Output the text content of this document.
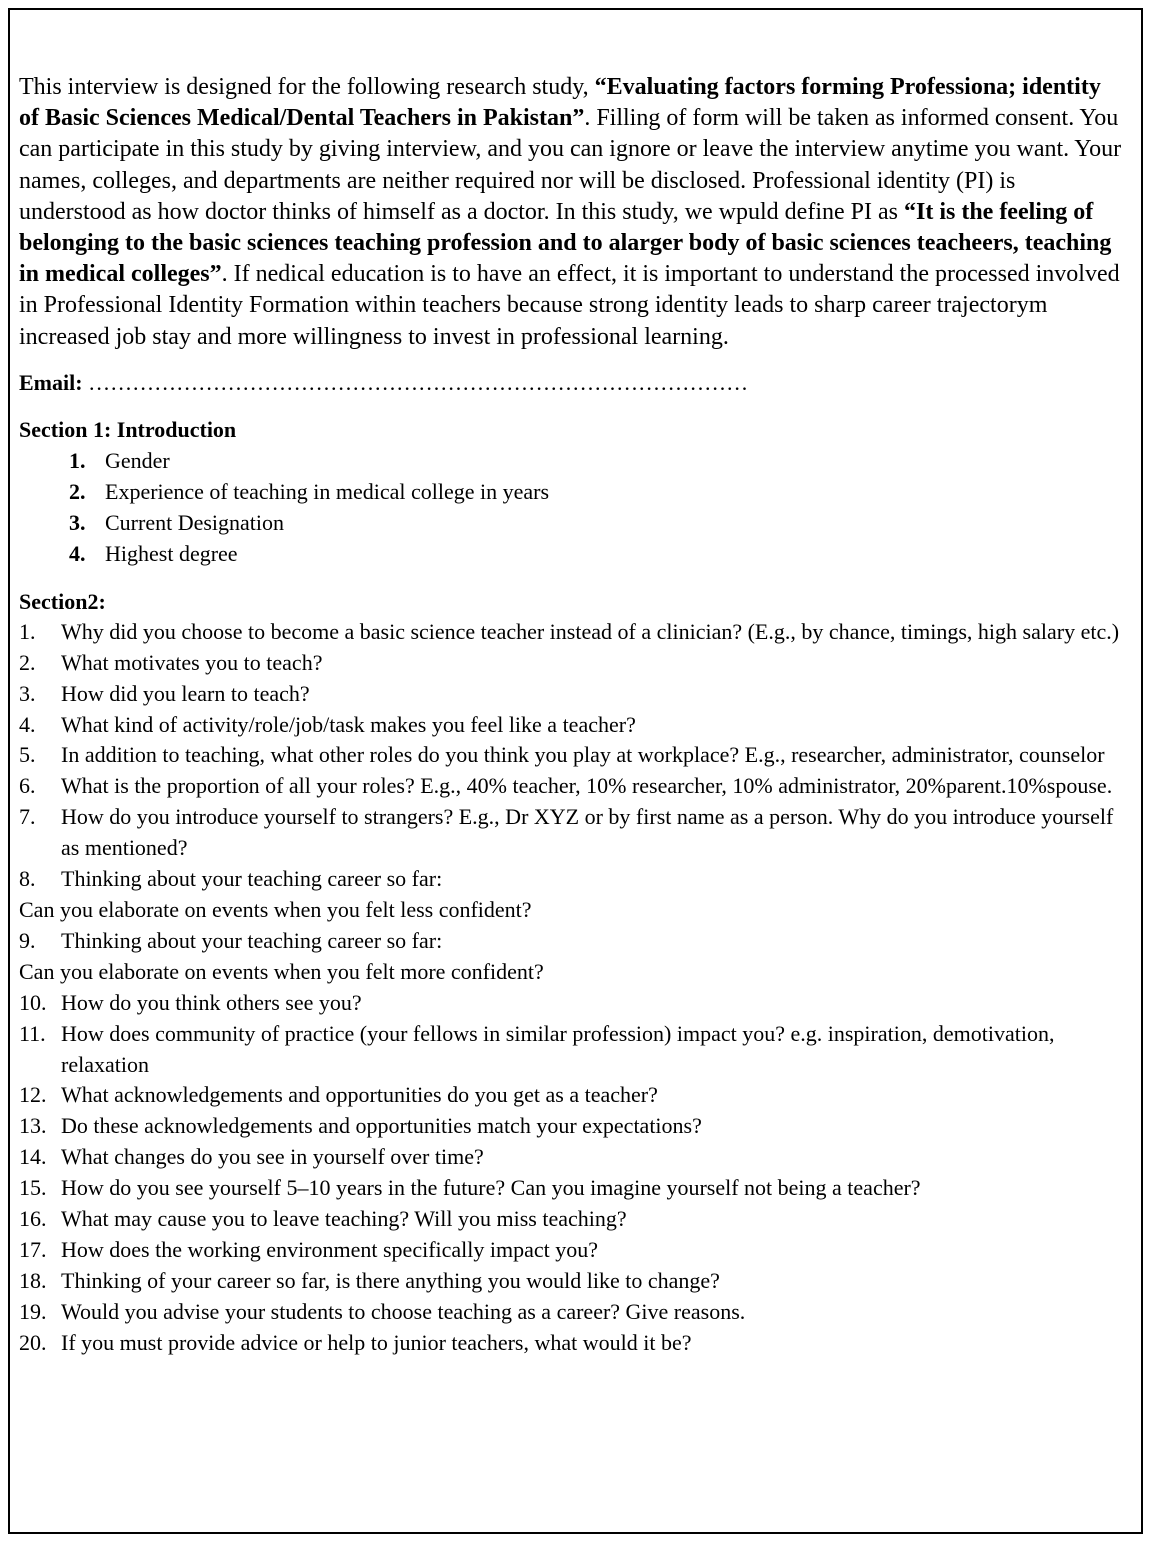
This interview is designed for the following research study, “Evaluating factors forming Professiona; identity of Basic Sciences Medical/Dental Teachers in Pakistan”. Filling of form will be taken as informed consent. You can participate in this study by giving interview, and you can ignore or leave the interview anytime you want. Your names, colleges, and departments are neither required nor will be disclosed. Professional identity (PI) is understood as how doctor thinks of himself as a doctor. In this study, we wpuld define PI as “It is the feeling of belonging to the basic sciences teaching profession and to alarger body of basic sciences teacheers, teaching in medical colleges”. If nedical education is to have an effect, it is important to understand the processed involved in Professional Identity Formation within teachers because strong identity leads to sharp career trajectorym increased job stay and more willingness to invest in professional learning.

Email: ………………………………………………………………………………

Section 1: Introduction

1. Gender
2. Experience of teaching in medical college in years
3. Current Designation
4. Highest degree

Section2:

1.	Why did you choose to become a basic science teacher instead of a clinician? (E.g., by chance, timings, high salary etc.)
2.	What motivates you to teach?
3.	How did you learn to teach?
4.	What kind of activity/role/job/task makes you feel like a teacher?
5.	In addition to teaching, what other roles do you think you play at workplace? E.g., researcher, administrator, counselor
6.	What is the proportion of all your roles? E.g., 40% teacher, 10% researcher, 10% administrator, 20%parent.10%spouse.
7.	How do you introduce yourself to strangers? E.g., Dr XYZ or by first name as a person. Why do you introduce yourself as mentioned?
8.	Thinking about your teaching career so far:
Can you elaborate on events when you felt less confident?
9.	Thinking about your teaching career so far:
Can you elaborate on events when you felt more confident?
10. How do you think others see you?
11. How does community of practice (your fellows in similar profession) impact you? e.g. inspiration, demotivation, relaxation
12. What acknowledgements and opportunities do you get as a teacher?
13. Do these acknowledgements and opportunities match your expectations?
14. What changes do you see in yourself over time?
15. How do you see yourself 5–10 years in the future? Can you imagine yourself not being a teacher?
16. What may cause you to leave teaching? Will you miss teaching?
17. How does the working environment specifically impact you?
18. Thinking of your career so far, is there anything you would like to change?
19. Would you advise your students to choose teaching as a career? Give reasons.
20. If you must provide advice or help to junior teachers, what would it be?
